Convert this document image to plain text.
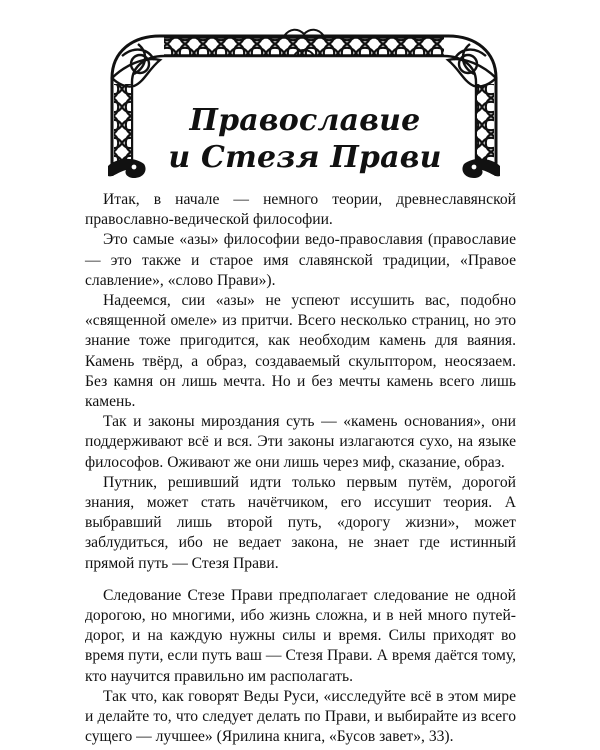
Православие
и Стезя Прави

Итак, в начале — немного теории, древнеславянской православно-ведической философии.

Это самые «азы» философии ведо-православия (православие — это также и старое имя славянской традиции, «Правое славление», «слово Прави»).

Надеемся, сии «азы» не успеют иссушить вас, подобно «священной омеле» из притчи. Всего несколько страниц, но это знание тоже пригодится, как необходим камень для ваяния. Камень твёрд, а образ, создаваемый скульптором, неосязаем. Без камня он лишь мечта. Но и без мечты камень всего лишь камень.

Так и законы мироздания суть — «камень основания», они поддерживают всё и вся. Эти законы излагаются сухо, на языке философов. Оживают же они лишь через миф, сказание, образ.

Путник, решивший идти только первым путём, дорогой знания, может стать начётчиком, его иссушит теория. А выбравший лишь второй путь, «дорогу жизни», может заблудиться, ибо не ведает закона, не знает где истинный прямой путь — Стезя Прави.

Следование Стезе Прави предполагает следование не одной дорогою, но многими, ибо жизнь сложна, и в ней много путей-дорог, и на каждую нужны силы и время. Силы приходят во время пути, если путь ваш — Стезя Прави. А время даётся тому, кто научится правильно им располагать.

Так что, как говорят Веды Руси, «исследуйте всё в этом мире и делайте то, что следует делать по Прави, и выбирайте из всего сущего — лучшее» (Ярилина книга, «Бусов завет», 33).
